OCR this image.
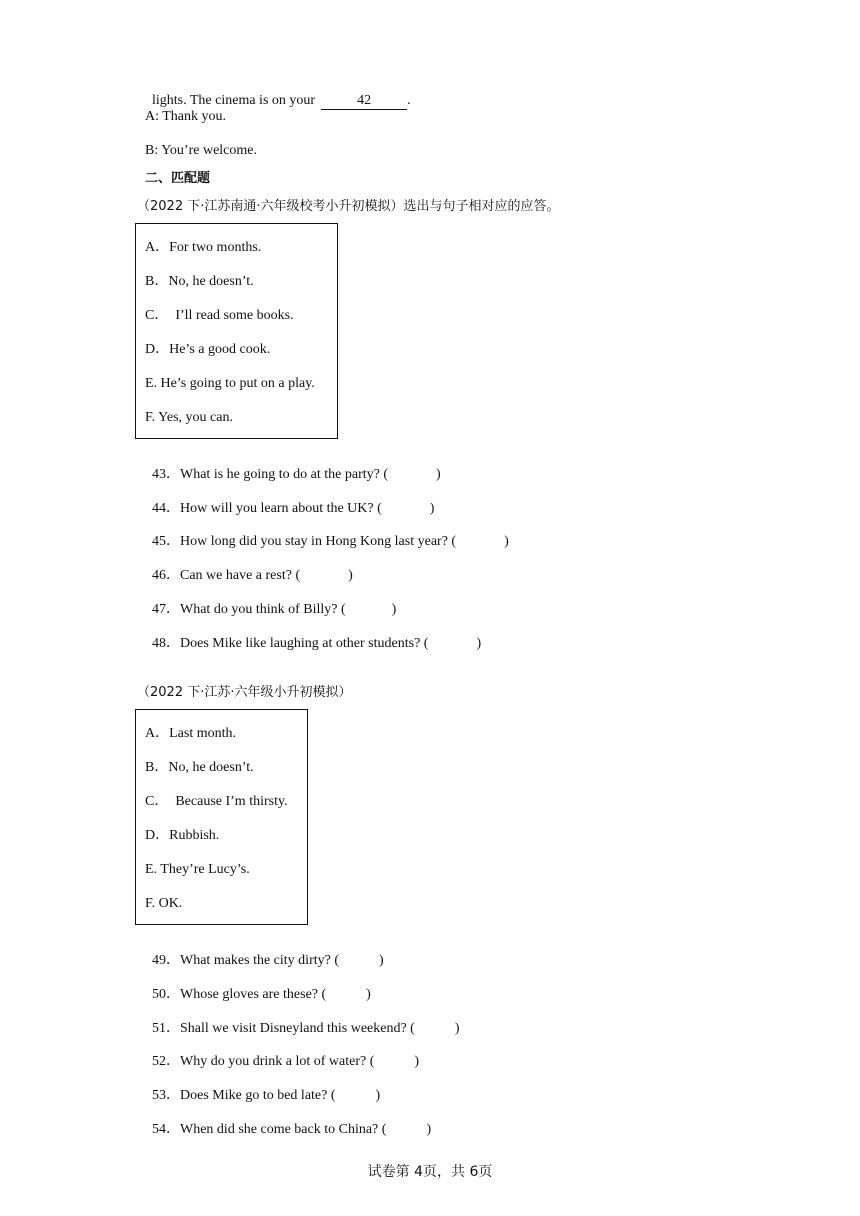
lights. The cinema is on your	42	.

A: Thank you.
B: You’re welcome.
二、匹配题
（2022 下·江苏南通·六年级校考小升初模拟）选出与句子相对应的应答。
A．For two months.
B．No, he doesn’t.
C．  I’ll read some books.
D．He’s a good cook.
E. He’s going to put on a play.
F. Yes, you can.

43．What is he going to do at the party? (	)

44．How will you learn about the UK? (	)

45．How long did you stay in Hong Kong last year? (	)

46．Can we have a rest? (	)

47．What do you think of Billy? (	)

48．Does Mike like laughing at other students? (	)

（2022 下·江苏·六年级小升初模拟）
A．Last month.
B．No, he doesn’t.
C．  Because I’m thirsty.
D．Rubbish.
E. They’re Lucy’s.
F. OK.

49．What makes the city dirty? (	)

50．Whose gloves are these? (	)

51．Shall we visit Disneyland this weekend? (	)

52．Why do you drink a lot of water? (	)

53．Does Mike go to bed late? (	)

54．When did she come back to China? (	)

试卷第 4页，共 6页
